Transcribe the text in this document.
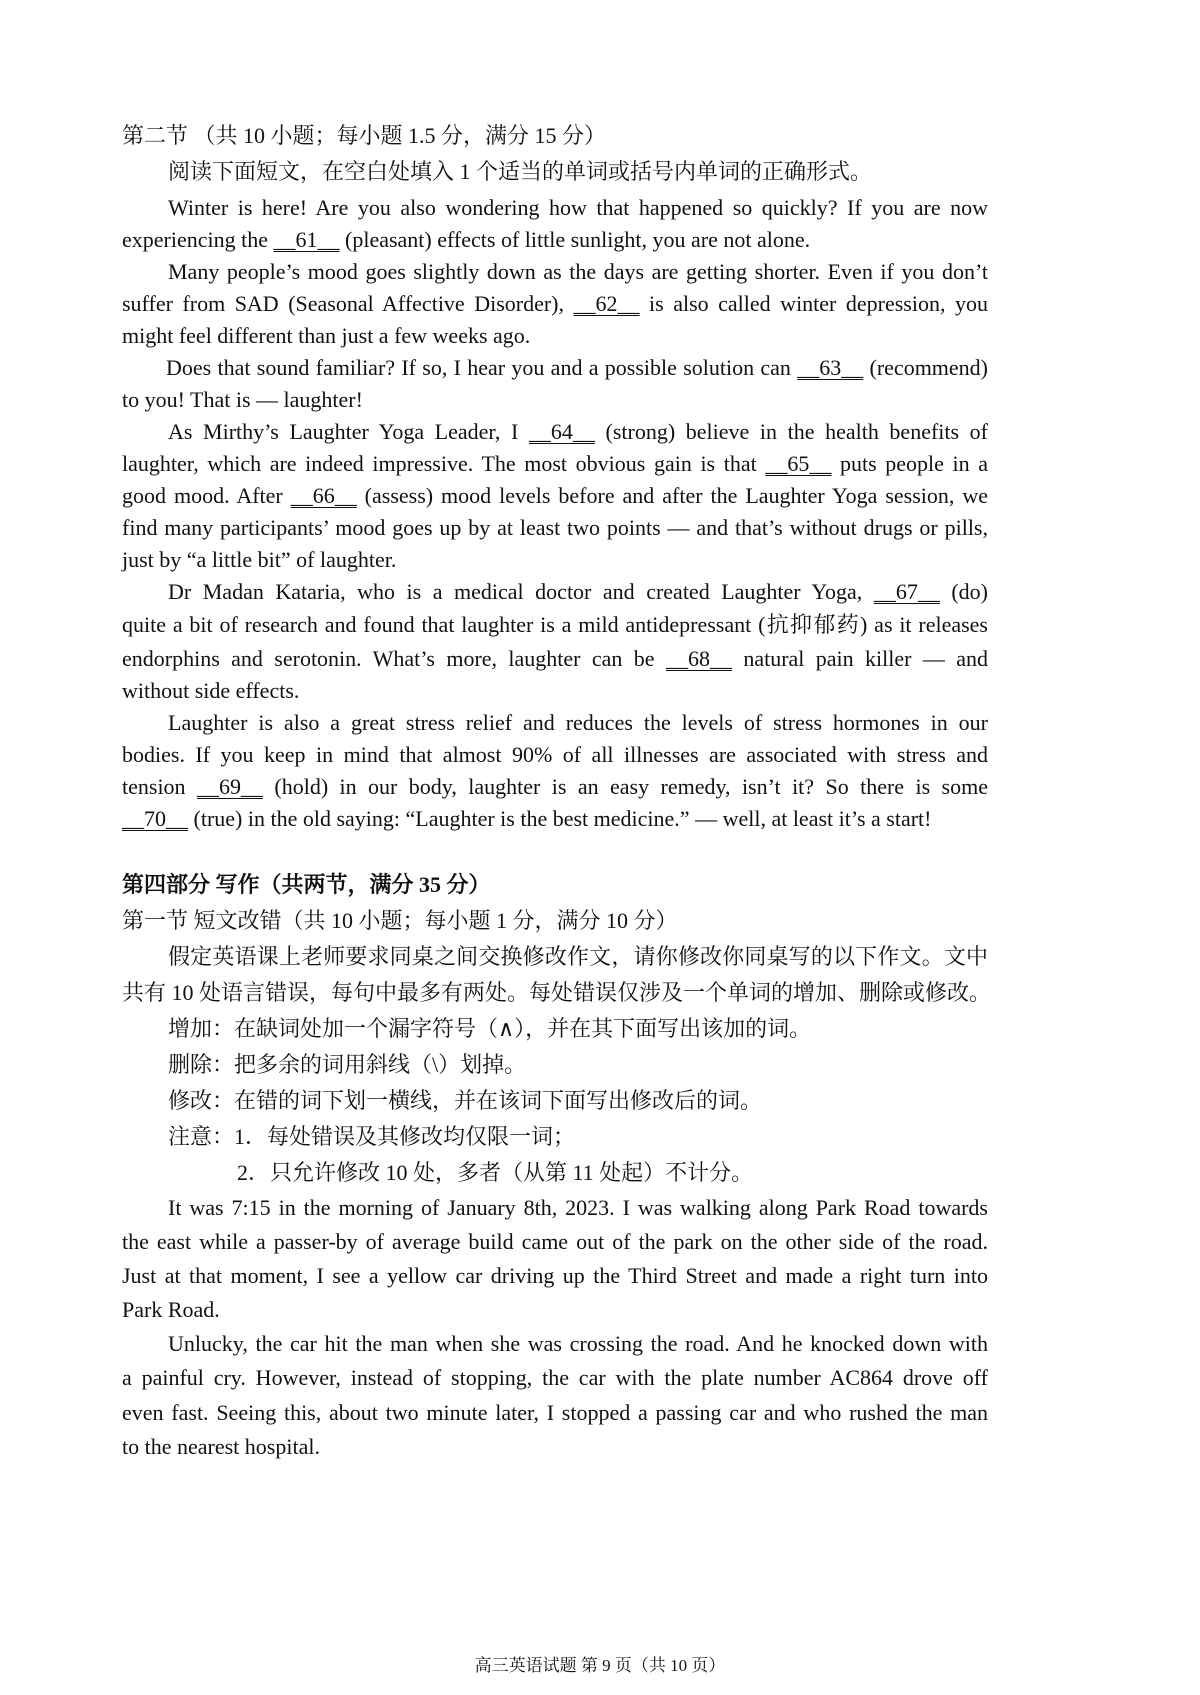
第二节 （共 10 小题；每小题 1.5 分，满分 15 分）
阅读下面短文，在空白处填入 1 个适当的单词或括号内单词的正确形式。
Winter is here! Are you also wondering how that happened so quickly? If you are now
experiencing the __61__ (pleasant) effects of little sunlight, you are not alone.
Many people’s mood goes slightly down as the days are getting shorter. Even if you don’t
suffer from SAD (Seasonal Affective Disorder), __62__ is also called winter depression, you
might feel different than just a few weeks ago.
Does that sound familiar? If so, I hear you and a possible solution can __63__ (recommend)
to you! That is — laughter!
As Mirthy’s Laughter Yoga Leader, I __64__ (strong) believe in the health benefits of
laughter, which are indeed impressive. The most obvious gain is that __65__ puts people in a
good mood. After __66__ (assess) mood levels before and after the Laughter Yoga session, we
find many participants’ mood goes up by at least two points — and that’s without drugs or pills,
just by “a little bit” of laughter.
Dr Madan Kataria, who is a medical doctor and created Laughter Yoga, __67__ (do)
quite a bit of research and found that laughter is a mild antidepressant (抗抑郁药) as it releases
endorphins and serotonin. What’s more, laughter can be __68__ natural pain killer — and
without side effects.
Laughter is also a great stress relief and reduces the levels of stress hormones in our
bodies. If you keep in mind that almost 90% of all illnesses are associated with stress and
tension __69__ (hold) in our body, laughter is an easy remedy, isn’t it? So there is some
__70__ (true) in the old saying: “Laughter is the best medicine.” — well, at least it’s a start!
第四部分 写作（共两节，满分 35 分）
第一节 短文改错（共 10 小题；每小题 1 分，满分 10 分）
假定英语课上老师要求同桌之间交换修改作文，请你修改你同桌写的以下作文。文中
共有 10 处语言错误，每句中最多有两处。每处错误仅涉及一个单词的增加、删除或修改。
增加：在缺词处加一个漏字符号（∧），并在其下面写出该加的词。
删除：把多余的词用斜线（\）划掉。
修改：在错的词下划一横线，并在该词下面写出修改后的词。
注意：1．每处错误及其修改均仅限一词；
2．只允许修改 10 处，多者（从第 11 处起）不计分。
It was 7:15 in the morning of January 8th, 2023. I was walking along Park Road towards
the east while a passer-by of average build came out of the park on the other side of the road.
Just at that moment, I see a yellow car driving up the Third Street and made a right turn into
Park Road.
Unlucky, the car hit the man when she was crossing the road. And he knocked down with
a painful cry. However, instead of stopping, the car with the plate number AC864 drove off
even fast. Seeing this, about two minute later, I stopped a passing car and who rushed the man
to the nearest hospital.
高三英语试题 第 9 页（共 10 页）
